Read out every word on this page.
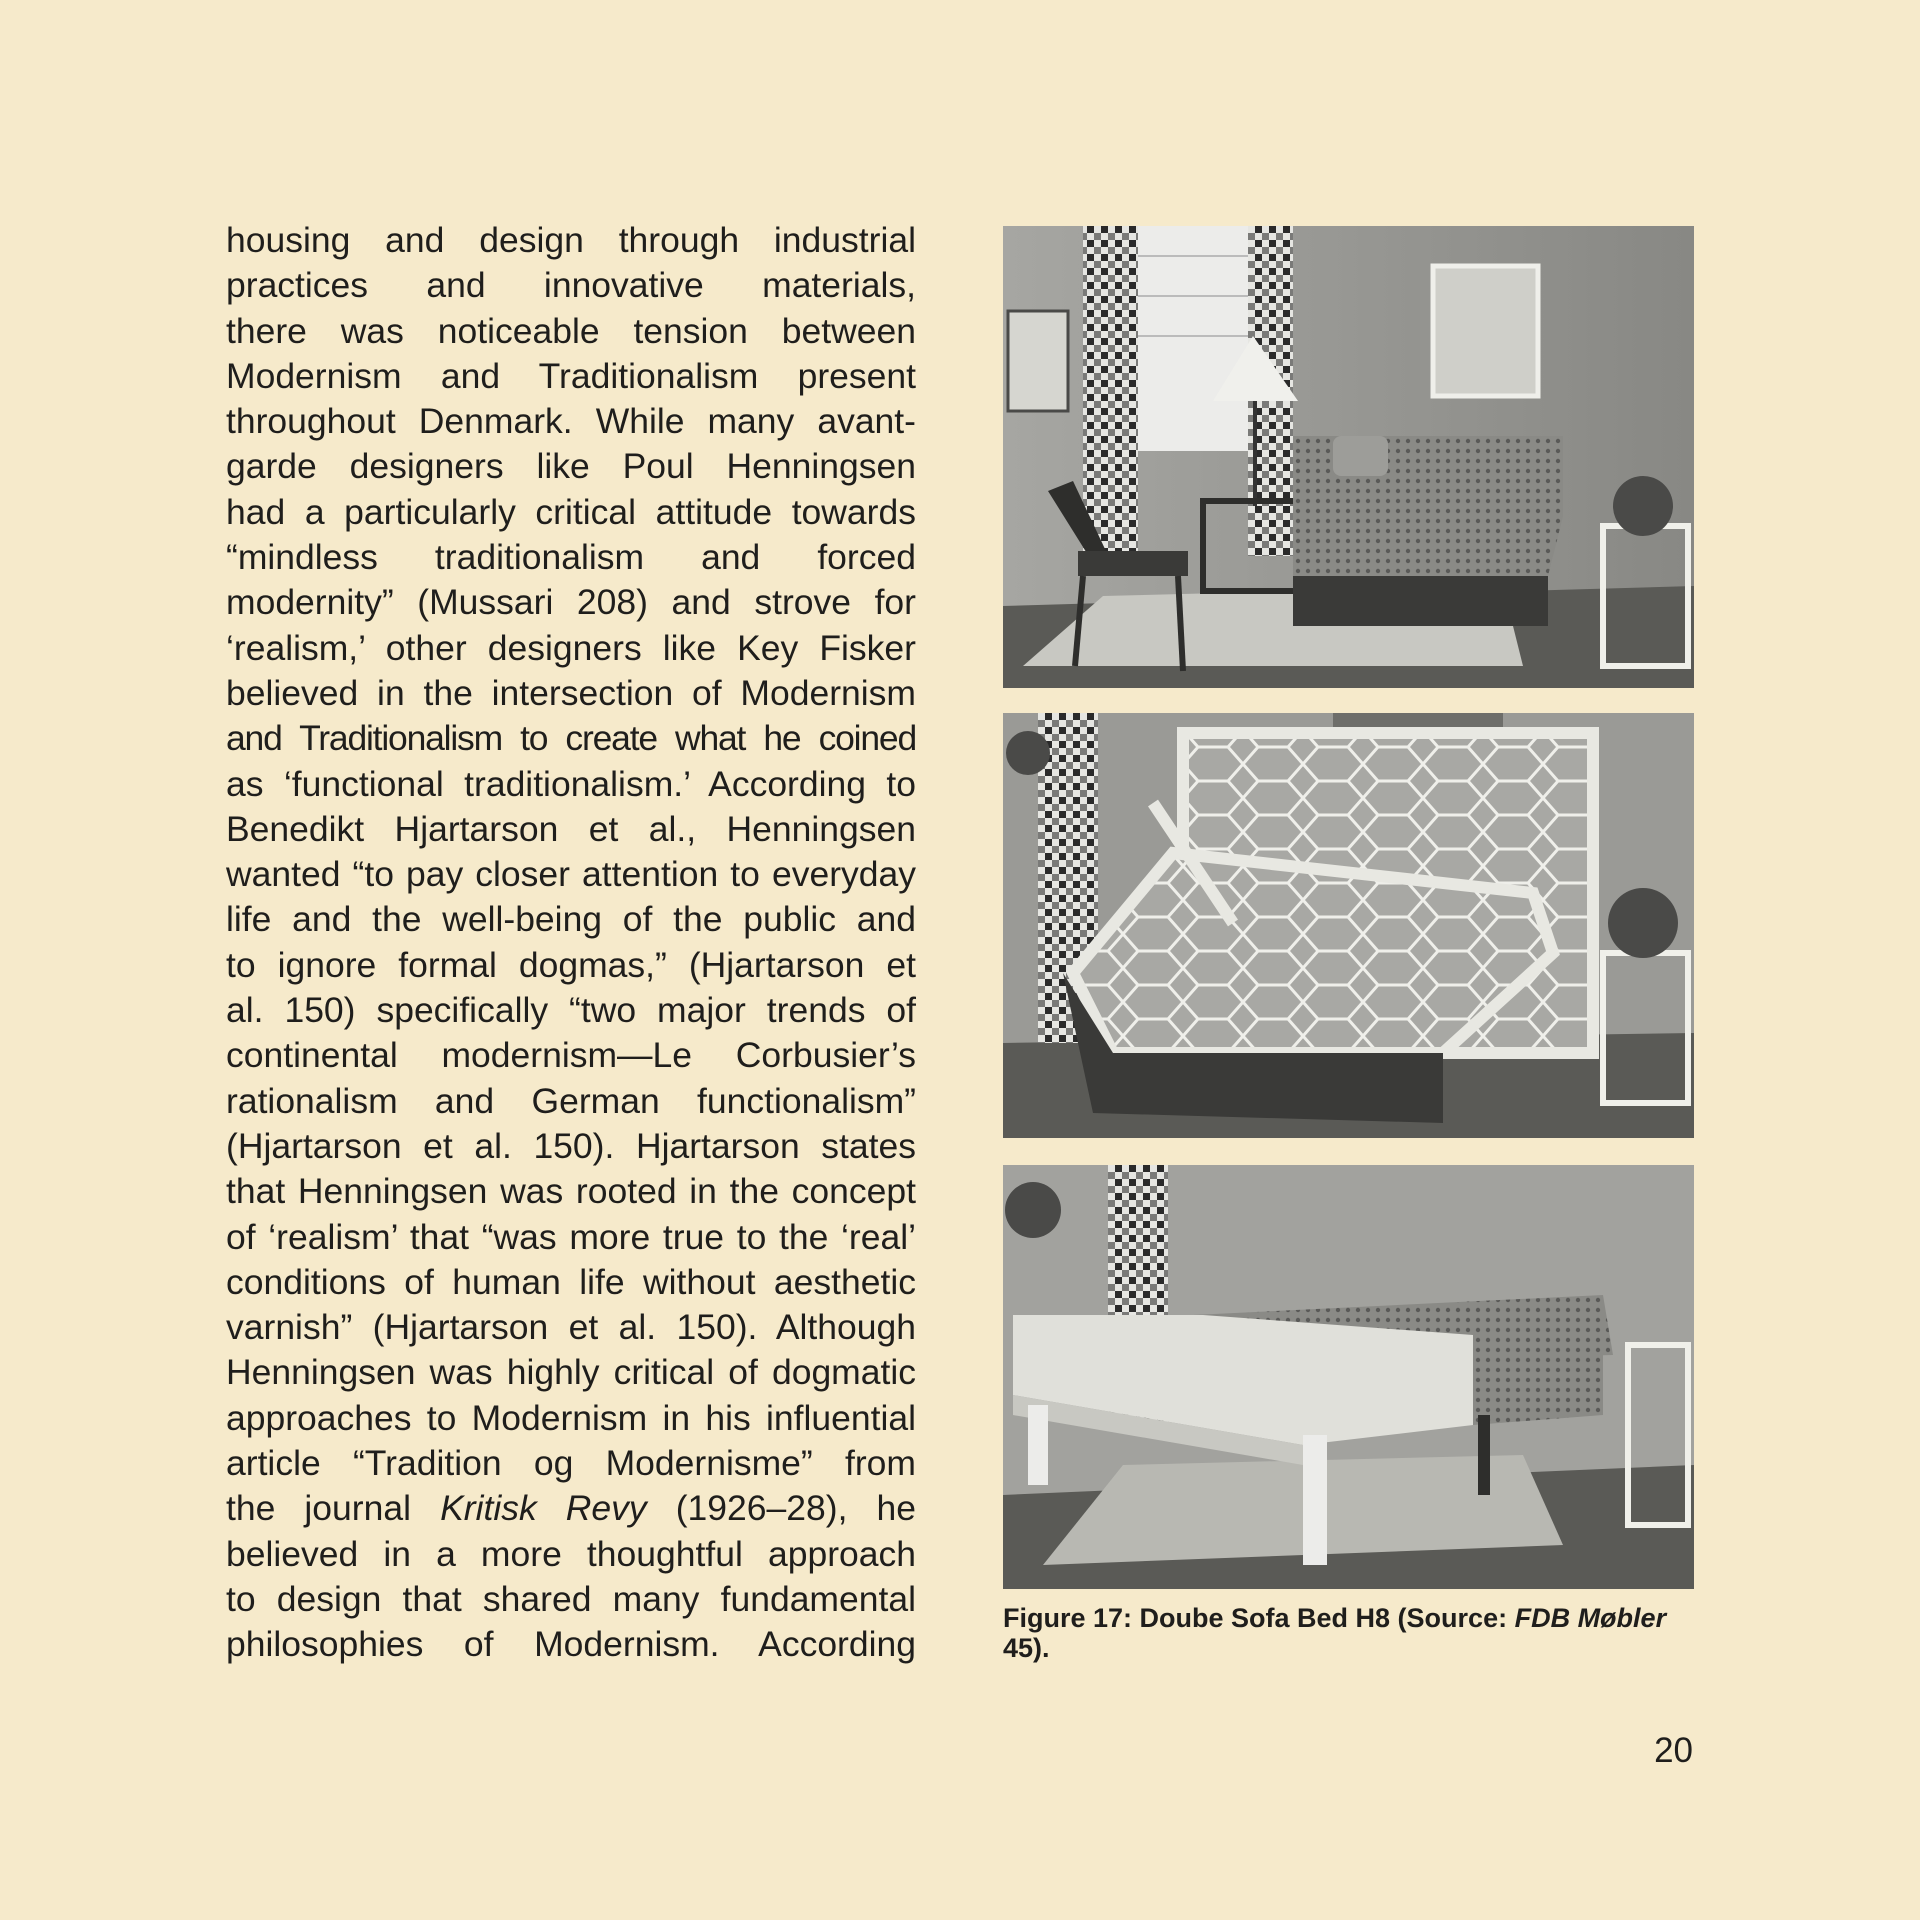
housing and design through industrial
practices and innovative materials,
there was noticeable tension between
Modernism and Traditionalism present
throughout Denmark. While many avant-
garde designers like Poul Henningsen
had a particularly critical attitude towards
“mindless traditionalism and forced
modernity” (Mussari 208) and strove for
‘realism,’ other designers like Key Fisker
believed in the intersection of Modernism
and Traditionalism to create what he coined
as ‘functional traditionalism.’ According to
Benedikt Hjartarson et al., Henningsen
wanted “to pay closer attention to everyday
life and the well-being of the public and
to ignore formal dogmas,” (Hjartarson et
al. 150) specifically “two major trends of
continental modernism—Le Corbusier’s
rationalism and German functionalism”
(Hjartarson et al. 150). Hjartarson states
that Henningsen was rooted in the concept
of ‘realism’ that “was more true to the ‘real’
conditions of human life without aesthetic
varnish” (Hjartarson et al. 150). Although
Henningsen was highly critical of dogmatic
approaches to Modernism in his influential
article “Tradition og Modernisme” from
the journal Kritisk Revy (1926–28), he
believed in a more thoughtful approach
to design that shared many fundamental
philosophies of Modernism. According
Figure 17: Doube Sofa Bed H8 (Source: FDB Møbler 45).
20
